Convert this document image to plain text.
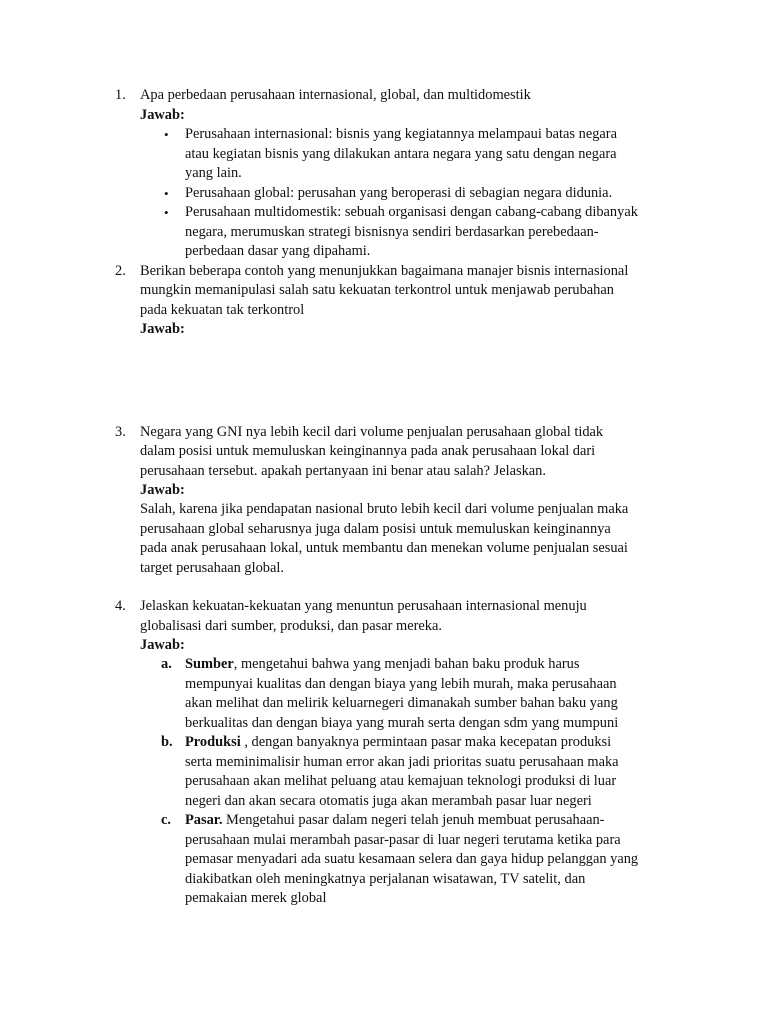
1. Apa perbedaan perusahaan internasional, global, dan multidomestik
Jawab:
• Perusahaan internasional: bisnis yang kegiatannya melampaui batas negara
atau kegiatan bisnis yang dilakukan antara negara yang satu dengan negara
yang lain.
• Perusahaan global: perusahan yang beroperasi di sebagian negara didunia.
• Perusahaan multidomestik: sebuah organisasi dengan cabang-cabang dibanyak
negara, merumuskan strategi bisnisnya sendiri berdasarkan perebedaan-
perbedaan dasar yang dipahami.
2. Berikan beberapa contoh yang menunjukkan bagaimana manajer bisnis internasional
mungkin memanipulasi salah satu kekuatan terkontrol untuk menjawab perubahan
pada kekuatan tak terkontrol
Jawab:
3. Negara yang GNI nya lebih kecil dari volume penjualan perusahaan global tidak
dalam posisi untuk memuluskan keinginannya pada anak perusahaan lokal dari
perusahaan tersebut. apakah pertanyaan ini benar atau salah? Jelaskan.
Jawab:
Salah, karena jika pendapatan nasional bruto lebih kecil dari volume penjualan maka
perusahaan global seharusnya juga dalam posisi untuk memuluskan keinginannya
pada anak perusahaan lokal, untuk membantu dan menekan volume penjualan sesuai
target perusahaan global.
4. Jelaskan kekuatan-kekuatan yang menuntun perusahaan internasional menuju
globalisasi dari sumber, produksi, dan pasar mereka.
Jawab:
a. Sumber, mengetahui bahwa yang menjadi bahan baku produk harus
mempunyai kualitas dan dengan biaya yang lebih murah, maka perusahaan
akan melihat dan melirik keluarnegeri dimanakah sumber bahan baku yang
berkualitas dan dengan biaya yang murah serta dengan sdm yang mumpuni
b. Produksi , dengan banyaknya permintaan pasar maka kecepatan produksi
serta meminimalisir human error akan jadi prioritas suatu perusahaan maka
perusahaan akan melihat peluang atau kemajuan teknologi produksi di luar
negeri dan akan secara otomatis juga akan merambah pasar luar negeri
c. Pasar. Mengetahui pasar dalam negeri telah jenuh membuat perusahaan-
perusahaan mulai merambah pasar-pasar di luar negeri terutama ketika para
pemasar menyadari ada suatu kesamaan selera dan gaya hidup pelanggan yang
diakibatkan oleh meningkatnya perjalanan wisatawan, TV satelit, dan
pemakaian merek global
